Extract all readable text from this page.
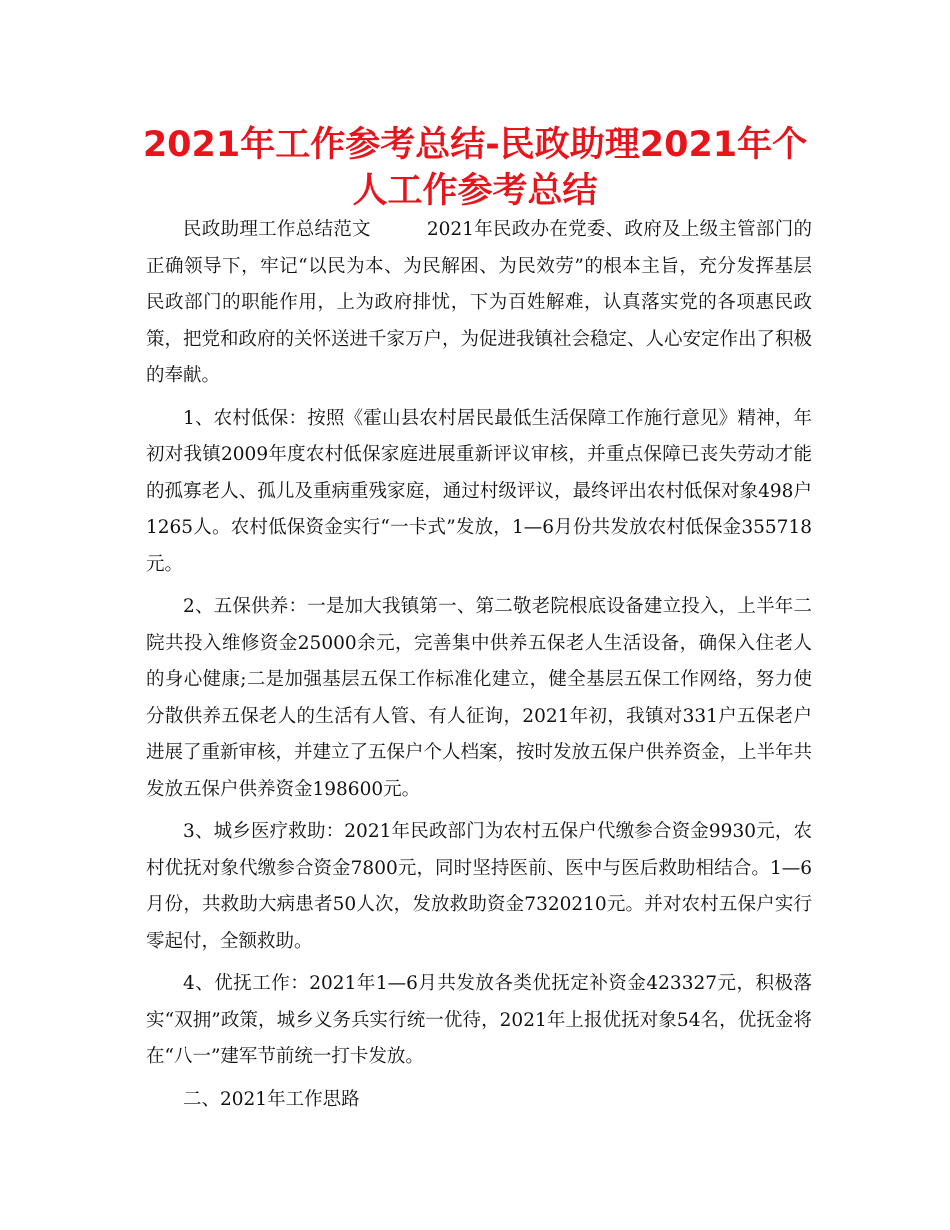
2021年工作参考总结-民政助理2021年个人工作参考总结

民政助理工作总结范文	2021年民政办在党委、政府及上级主管部门的正确领导下，牢记“以民为本、为民解困、为民效劳”的根本主旨，充分发挥基层民政部门的职能作用，上为政府排忧，下为百姓解难，认真落实党的各项惠民政策，把党和政府的关怀送进千家万户，为促进我镇社会稳定、人心安定作出了积极的奉献。

1、农村低保：按照《霍山县农村居民最低生活保障工作施行意见》精神，年初对我镇2009年度农村低保家庭进展重新评议审核，并重点保障已丧失劳动才能的孤寡老人、孤儿及重病重残家庭，通过村级评议，最终评出农村低保对象498户1265人。农村低保资金实行“一卡式”发放，1—6月份共发放农村低保金355718元。

2、五保供养：一是加大我镇第一、第二敬老院根底设备建立投入，上半年二院共投入维修资金25000余元，完善集中供养五保老人生活设备，确保入住老人的身心健康;二是加强基层五保工作标准化建立，健全基层五保工作网络，努力使分散供养五保老人的生活有人管、有人征询，2021年初，我镇对331户五保老户进展了重新审核，并建立了五保户个人档案，按时发放五保户供养资金，上半年共发放五保户供养资金198600元。

3、城乡医疗救助：2021年民政部门为农村五保户代缴参合资金9930元，农村优抚对象代缴参合资金7800元，同时坚持医前、医中与医后救助相结合。1—6月份，共救助大病患者50人次，发放救助资金7320210元。并对农村五保户实行零起付，全额救助。

4、优抚工作：2021年1—6月共发放各类优抚定补资金423327元，积极落实“双拥”政策，城乡义务兵实行统一优待，2021年上报优抚对象54名，优抚金将在“八一”建军节前统一打卡发放。

二、2021年工作思路
